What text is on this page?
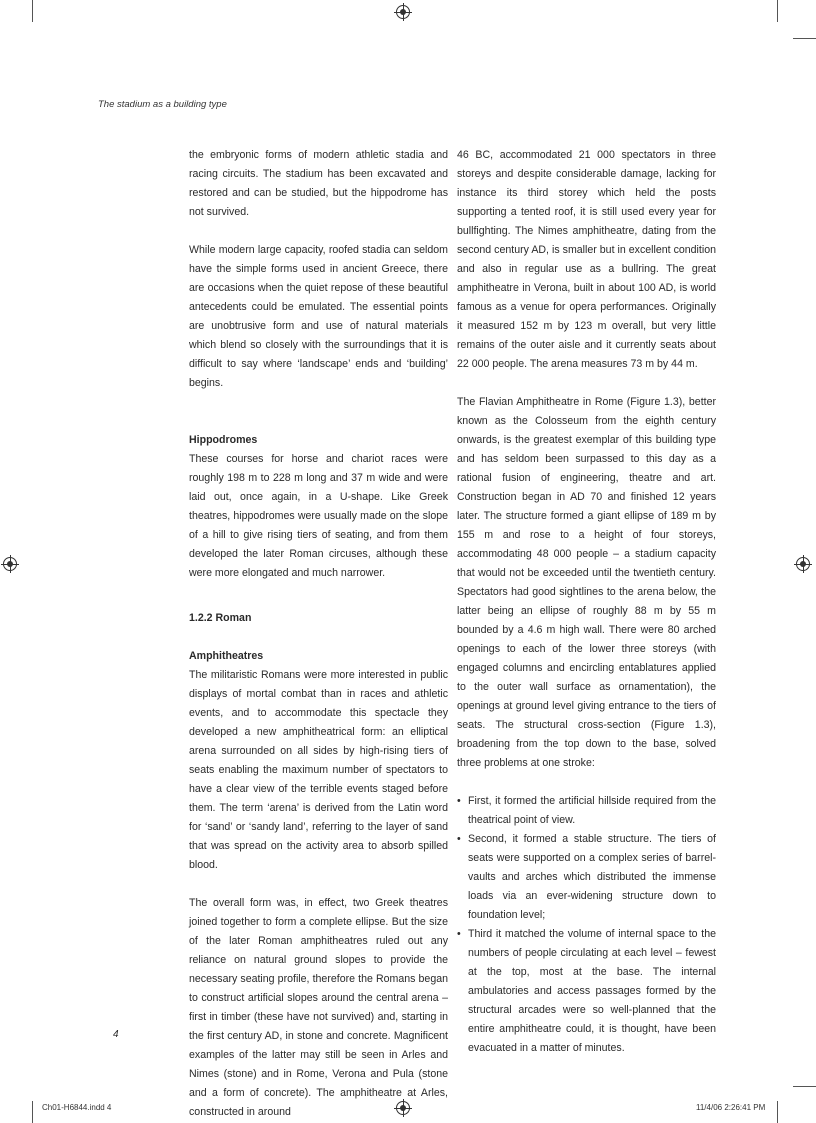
The stadium as a building type

the embryonic forms of modern athletic stadia and racing circuits. The stadium has been excavated and restored and can be studied, but the hippodrome has not survived.

While modern large capacity, roofed stadia can seldom have the simple forms used in ancient Greece, there are occasions when the quiet repose of these beautiful antecedents could be emulated. The essential points are unobtrusive form and use of natural materials which blend so closely with the surroundings that it is difficult to say where ‘landscape’ ends and ‘building’ begins.

Hippodromes

These courses for horse and chariot races were roughly 198 m to 228 m long and 37 m wide and were laid out, once again, in a U-shape. Like Greek theatres, hippodromes were usually made on the slope of a hill to give rising tiers of seating, and from them developed the later Roman circuses, although these were more elongated and much narrower.

1.2.2 Roman
Amphitheatres

The militaristic Romans were more interested in public displays of mortal combat than in races and athletic events, and to accommodate this spectacle they developed a new amphitheatrical form: an elliptical arena surrounded on all sides by high-rising tiers of seats enabling the maximum number of spectators to have a clear view of the terrible events staged before them. The term ‘arena’ is derived from the Latin word for ‘sand’ or ‘sandy land’, referring to the layer of sand that was spread on the activity area to absorb spilled blood.

The overall form was, in effect, two Greek theatres joined together to form a complete ellipse. But the size of the later Roman amphitheatres ruled out any reliance on natural ground slopes to provide the necessary seating profile, therefore the Romans began to construct artificial slopes around the central arena – first in timber (these have not survived) and, starting in the first century AD, in stone and concrete. Magnificent examples of the latter may still be seen in Arles and Nimes (stone) and in Rome, Verona and Pula (stone and a form of concrete). The amphitheatre at Arles, constructed in around

46 BC, accommodated 21 000 spectators in three storeys and despite considerable damage, lacking for instance its third storey which held the posts supporting a tented roof, it is still used every year for bullfighting. The Nimes amphitheatre, dating from the second century AD, is smaller but in excellent condition and also in regular use as a bullring. The great amphitheatre in Verona, built in about 100 AD, is world famous as a venue for opera performances. Originally it measured 152 m by 123 m overall, but very little remains of the outer aisle and it currently seats about 22 000 people. The arena measures 73 m by 44 m.

The Flavian Amphitheatre in Rome (Figure 1.3), better known as the Colosseum from the eighth century onwards, is the greatest exemplar of this building type and has seldom been surpassed to this day as a rational fusion of engineering, theatre and art. Construction began in AD 70 and finished 12 years later. The structure formed a giant ellipse of 189 m by 155 m and rose to a height of four storeys, accommodating 48 000 people – a stadium capacity that would not be exceeded until the twentieth century. Spectators had good sightlines to the arena below, the latter being an ellipse of roughly 88 m by 55 m bounded by a 4.6 m high wall. There were 80 arched openings to each of the lower three storeys (with engaged columns and encircling entablatures applied to the outer wall surface as ornamentation), the openings at ground level giving entrance to the tiers of seats. The structural cross-section (Figure 1.3), broadening from the top down to the base, solved three problems at one stroke:

• First, it formed the artificial hillside required from the theatrical point of view.
• Second, it formed a stable structure. The tiers of seats were supported on a complex series of barrel-vaults and arches which distributed the immense loads via an ever-widening structure down to foundation level;
• Third it matched the volume of internal space to the numbers of people circulating at each level – fewest at the top, most at the base. The internal ambulatories and access passages formed by the structural arcades were so well-planned that the entire amphitheatre could, it is thought, have been evacuated in a matter of minutes.
4
Ch01-H6844.indd 4	11/4/06 2:26:41 PM
